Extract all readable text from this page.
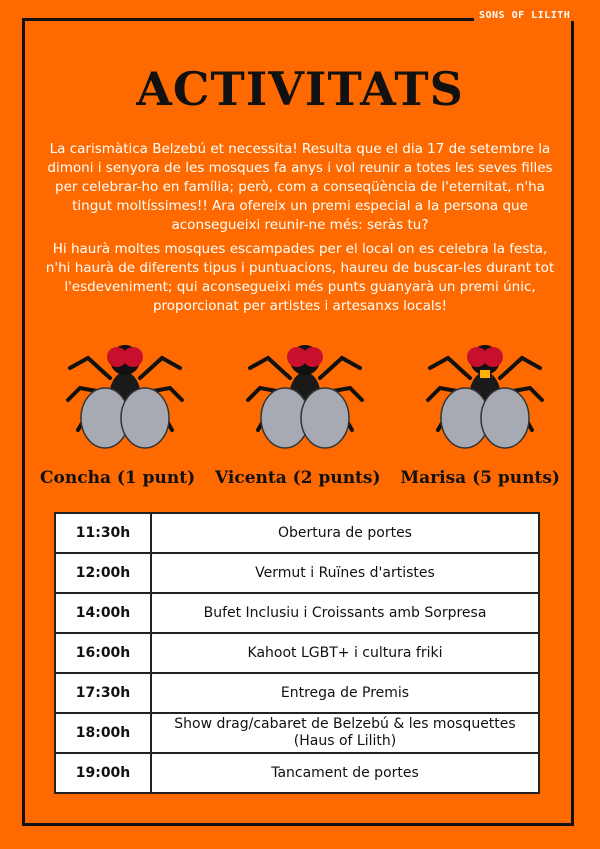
SONS OF LILITH
ACTIVITATS
La carismàtica Belzebú et necessita! Resulta que el dia 17 de setembre la dimoni i senyora de les mosques fa anys i vol reunir a totes les seves filles per celebrar-ho en família; però, com a conseqüència de l'eternitat, n'ha tingut moltíssimes!! Ara ofereix un premi especial a la persona que aconsegueixi reunir-ne més: seràs tu?
Hi haurà moltes mosques escampades per el local on es celebra la festa, n'hi haurà de diferents tipus i puntuacions, haureu de buscar-les durant tot l'esdeveniment; qui aconsegueixi més punts guanyarà un premi únic, proporcionat per artistes i artesanxs locals!
Concha (1 punt) Vicenta (2 punts) Marisa (5 punts)
11:30h	Obertura de portes
12:00h	Vermut i Ruïnes d'artistes
14:00h	Bufet Inclusiu i Croissants amb Sorpresa
16:00h	Kahoot LGBT+ i cultura friki
17:30h	Entrega de Premis
18:00h	Show drag/cabaret de Belzebú & les mosquettes (Haus of Lilith)
19:00h	Tancament de portes
